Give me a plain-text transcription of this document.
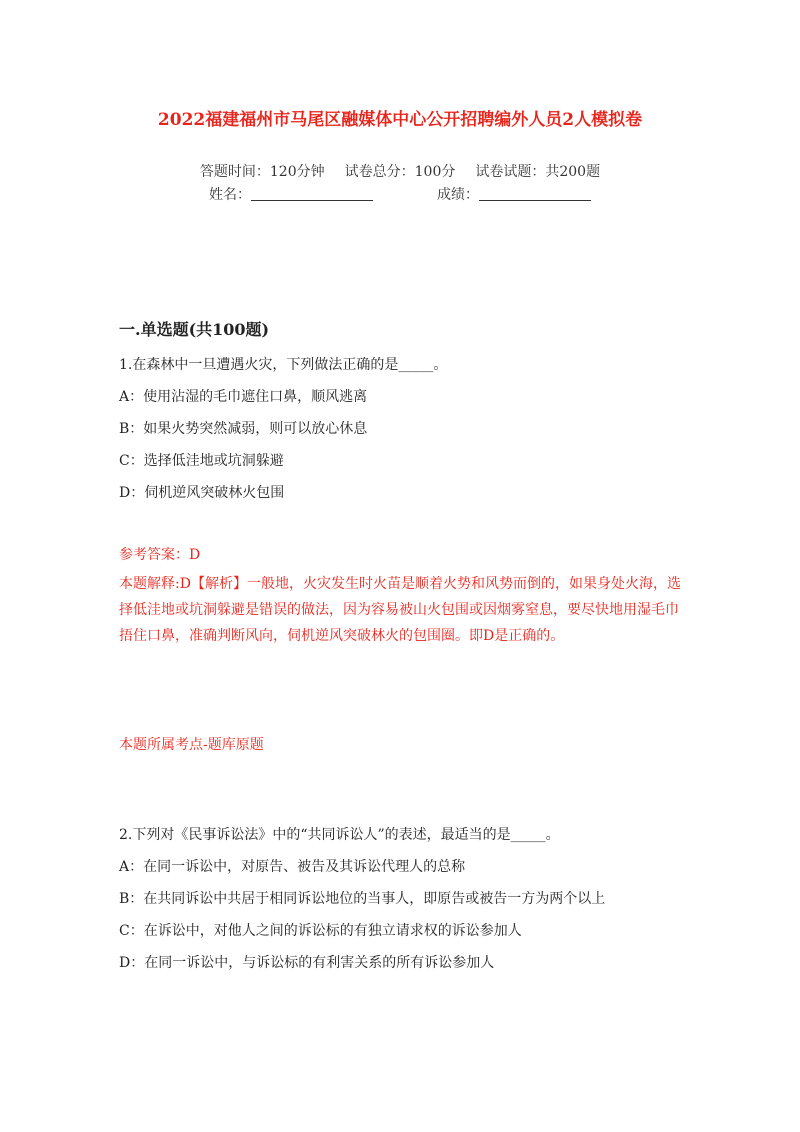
2022福建福州市马尾区融媒体中心公开招聘编外人员2人模拟卷
答题时间：120分钟 试卷总分：100分 试卷试题：共200题
姓名：	成绩：
一.单选题(共100题)
1.在森林中一旦遭遇火灾，下列做法正确的是_____。
A：使用沾湿的毛巾遮住口鼻，顺风逃离
B：如果火势突然减弱，则可以放心休息
C：选择低洼地或坑洞躲避
D：伺机逆风突破林火包围
参考答案：D
本题解释:D【解析】一般地，火灾发生时火苗是顺着火势和风势而倒的，如果身处火海，选择低洼地或坑洞躲避是错误的做法，因为容易被山火包围或因烟雾窒息，要尽快地用湿毛巾捂住口鼻，准确判断风向，伺机逆风突破林火的包围圈。即D是正确的。
本题所属考点-题库原题
2.下列对《民事诉讼法》中的“共同诉讼人”的表述，最适当的是_____。
A：在同一诉讼中，对原告、被告及其诉讼代理人的总称
B：在共同诉讼中共居于相同诉讼地位的当事人，即原告或被告一方为两个以上
C：在诉讼中，对他人之间的诉讼标的有独立请求权的诉讼参加人
D：在同一诉讼中，与诉讼标的有利害关系的所有诉讼参加人
